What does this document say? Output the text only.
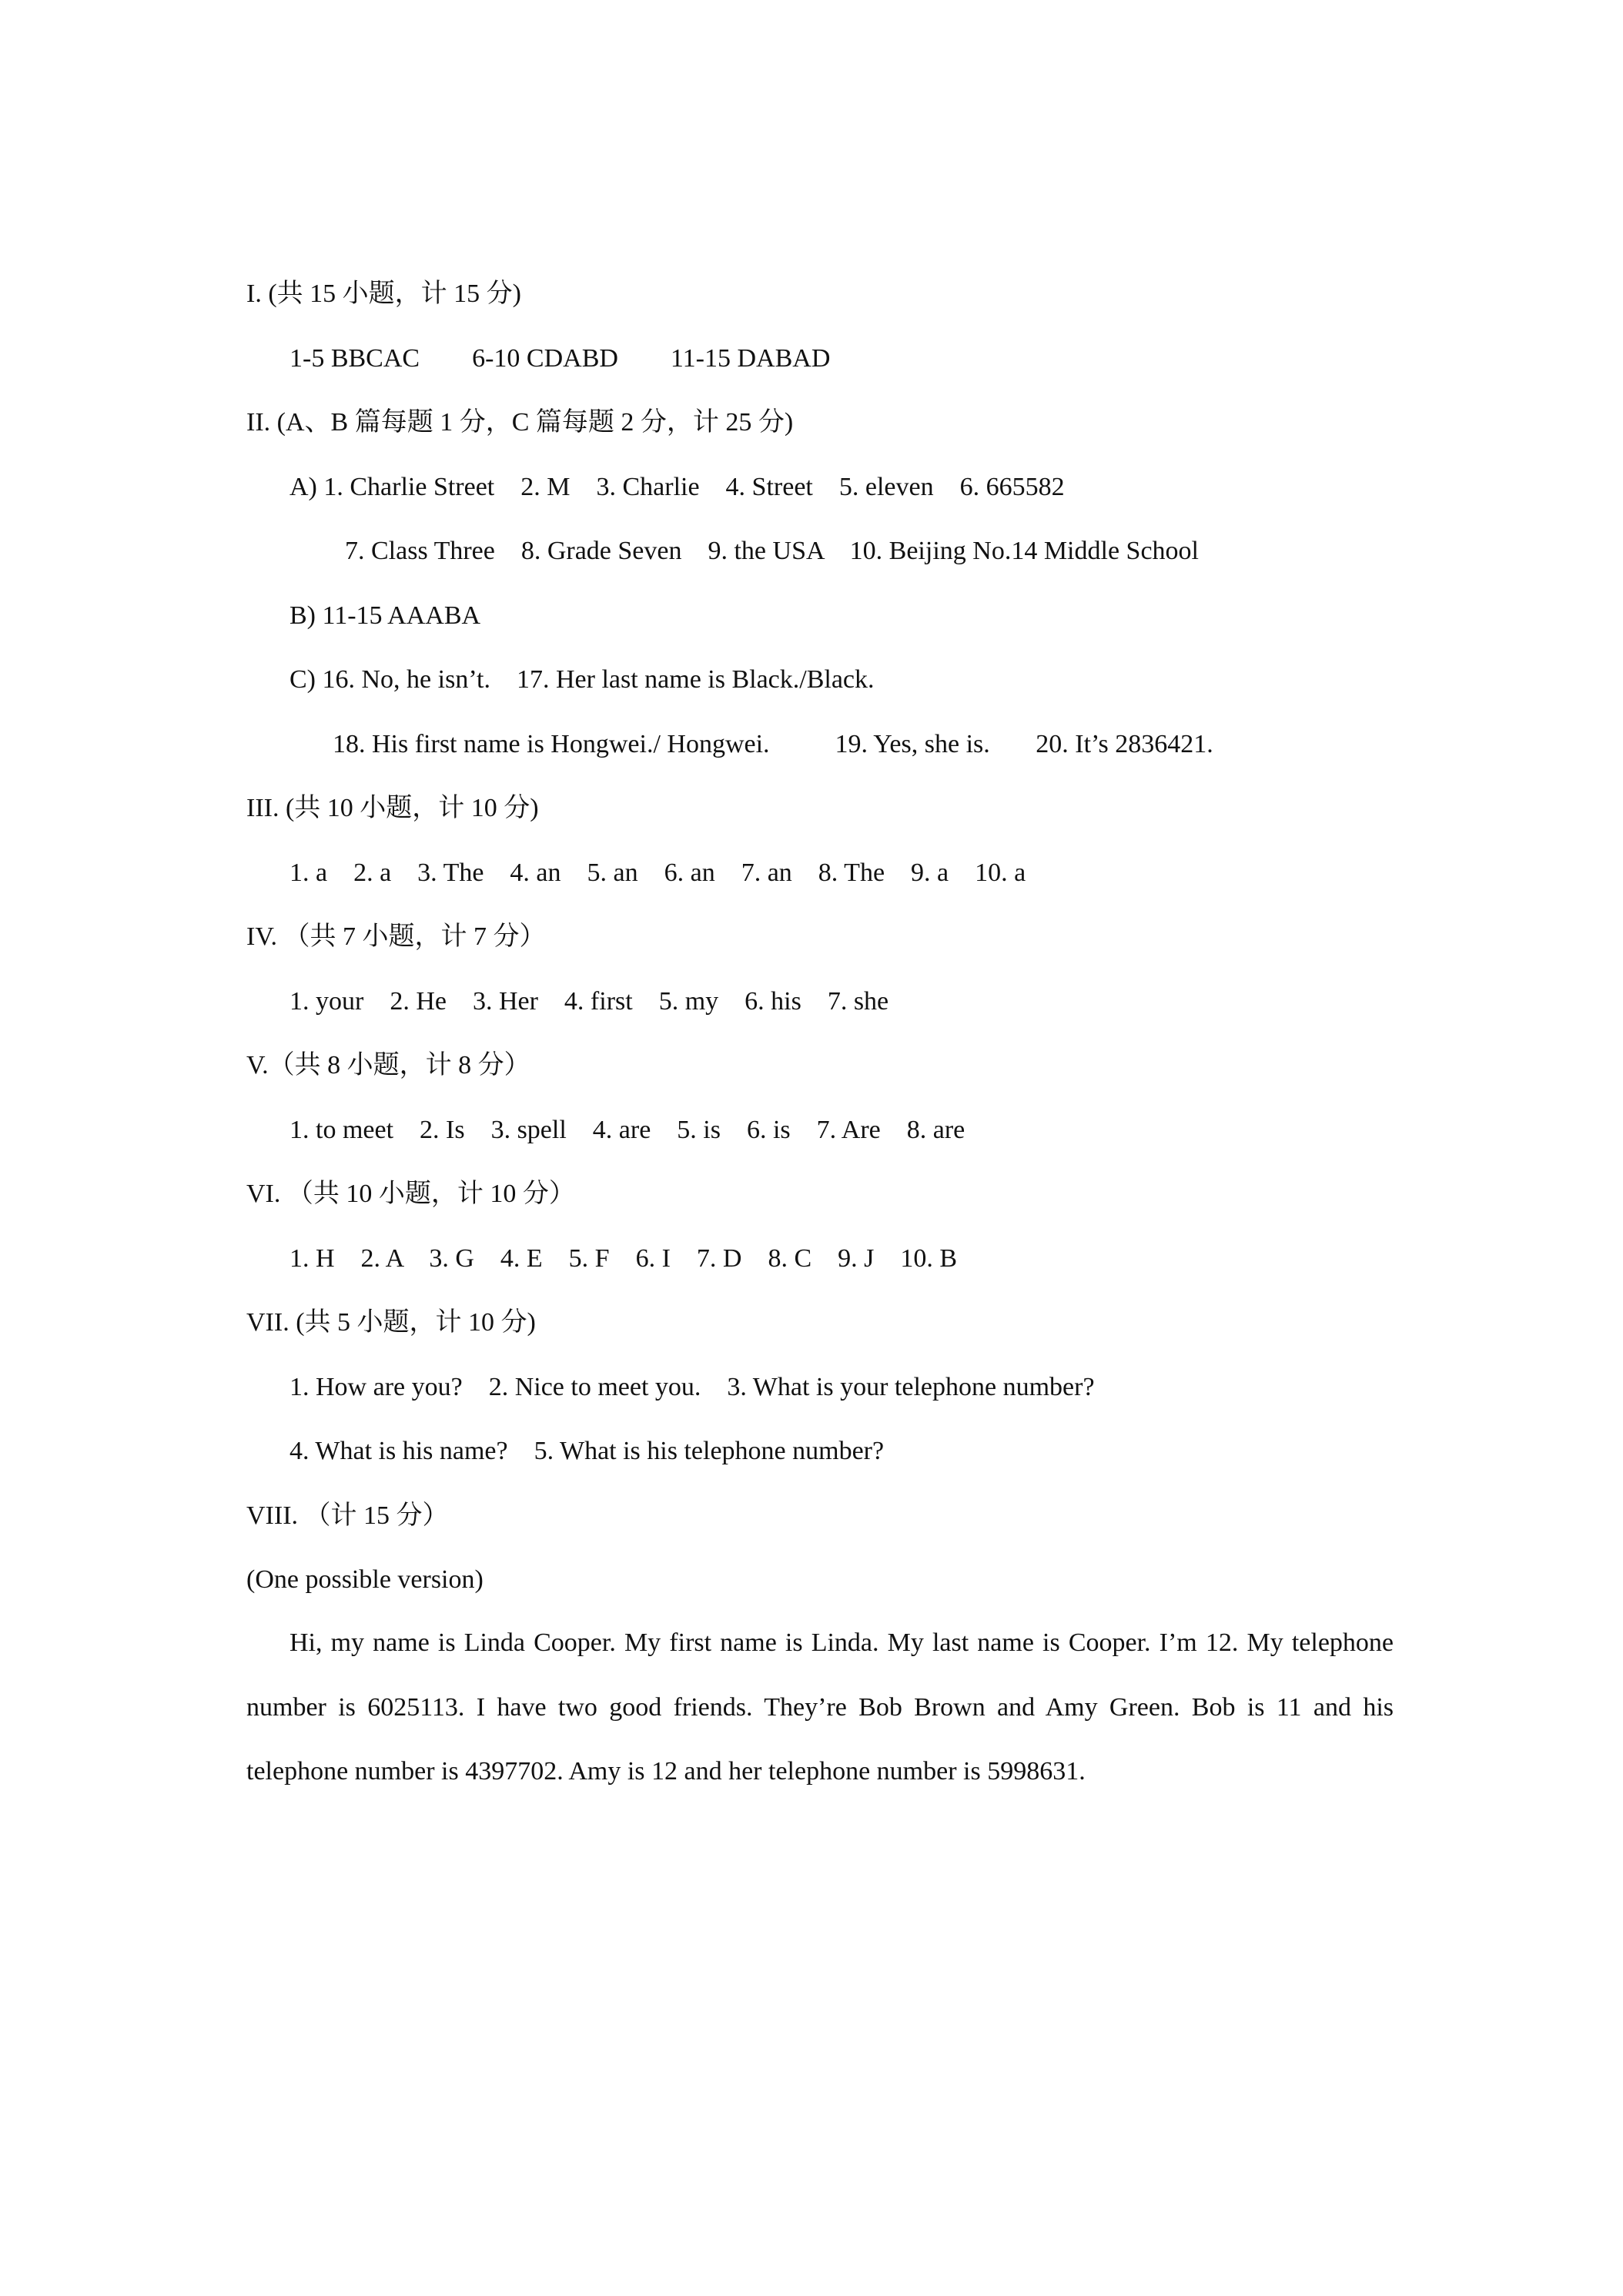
I. (共 15 小题，计 15 分)
1-5 BBCAC        6-10 CDABD        11-15 DABAD
II. (A、B 篇每题 1 分，C 篇每题 2 分，计 25 分)
A) 1. Charlie Street    2. M    3. Charlie    4. Street    5. eleven    6. 665582
7. Class Three    8. Grade Seven    9. the USA    10. Beijing No.14 Middle School
B) 11-15 AAABA
C) 16. No, he isn’t.    17. Her last name is Black./Black.
18. His first name is Hongwei./ Hongwei.          19. Yes, she is.       20. It’s 2836421.
III. (共 10 小题，计 10 分)
1. a    2. a    3. The    4. an    5. an    6. an    7. an    8. The    9. a    10. a
IV. （共 7 小题，计 7 分）
1. your    2. He    3. Her    4. first    5. my    6. his    7. she
V.（共 8 小题，计 8 分）
1. to meet    2. Is    3. spell    4. are    5. is    6. is    7. Are    8. are
VI. （共 10 小题，计 10 分）
1. H    2. A    3. G    4. E    5. F    6. I    7. D    8. C    9. J    10. B
VII. (共 5 小题，计 10 分)
1. How are you?    2. Nice to meet you.    3. What is your telephone number?
4. What is his name?    5. What is his telephone number?
VIII. （计 15 分）
(One possible version)
Hi, my name is Linda Cooper. My first name is Linda. My last name is Cooper. I’m 12. My telephone number is 6025113. I have two good friends. They’re Bob Brown and Amy Green. Bob is 11 and his telephone number is 4397702. Amy is 12 and her telephone number is 5998631.
